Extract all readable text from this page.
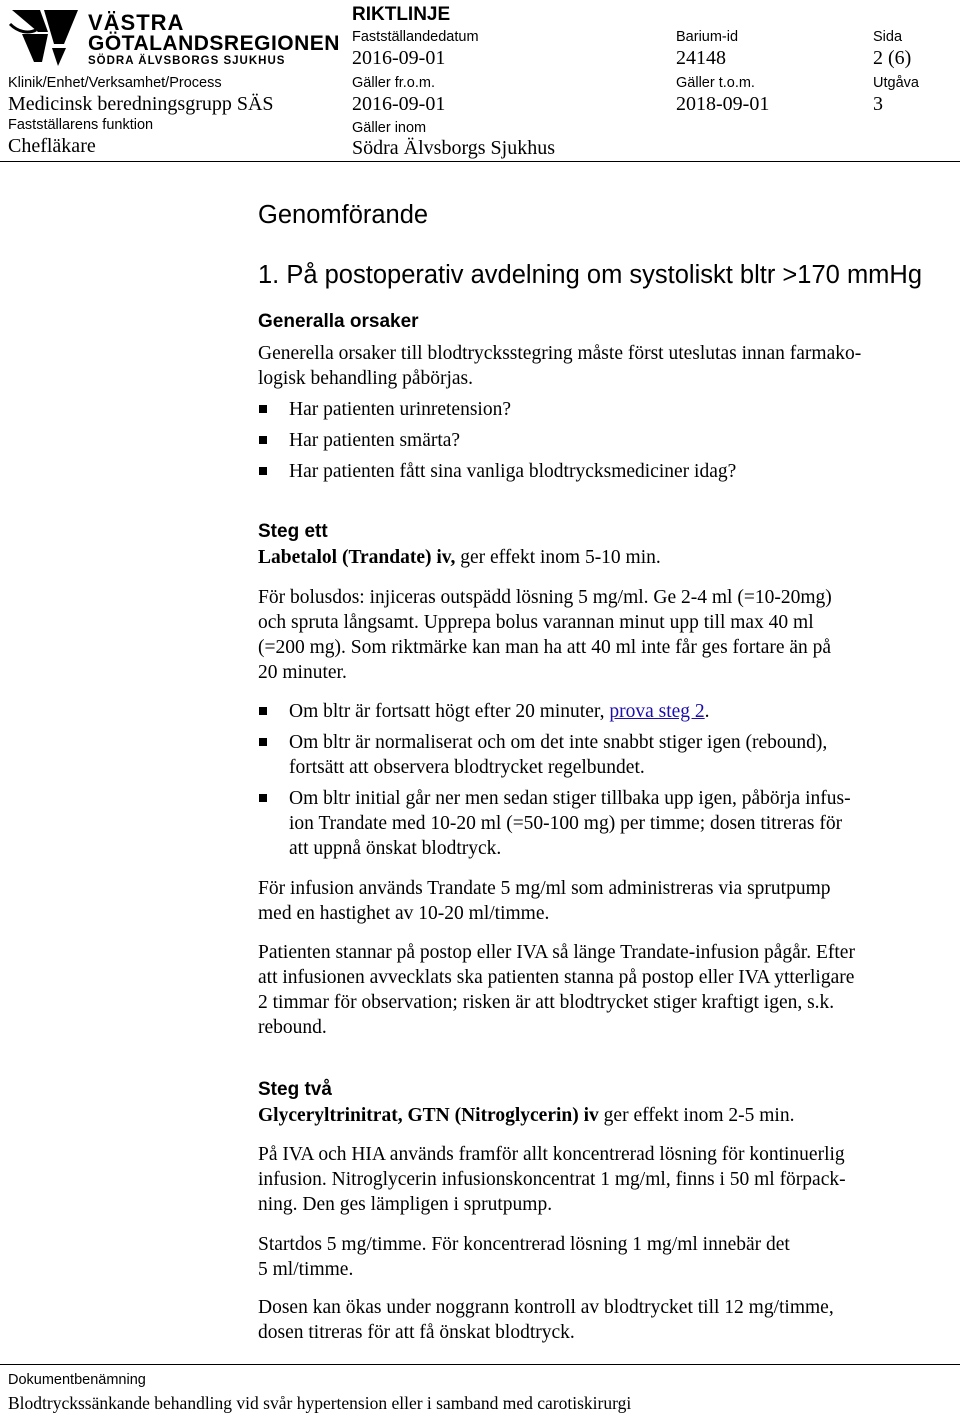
VÄSTRA
GÖTALANDSREGIONEN
SÖDRA ÄLVSBORGS SJUKHUS
RIKTLINJE
Fastställandedatum
2016-09-01
Barium-id
24148
Sida
2 (6)
Klinik/Enhet/Verksamhet/Process
Medicinsk beredningsgrupp SÄS
Gäller fr.o.m.
2016-09-01
Gäller t.o.m.
2018-09-01
Utgåva
3
Fastställarens funktion
Chefläkare
Gäller inom
Södra Älvsborgs Sjukhus
Genomförande
1. På postoperativ avdelning om systoliskt bltr >170 mmHg
Generalla orsaker
Generella orsaker till blodtrycksstegring måste först uteslutas innan farmako-
logisk behandling påbörjas.
Har patienten urinretension?
Har patienten smärta?
Har patienten fått sina vanliga blodtrycksmediciner idag?
Steg ett
Labetalol (Trandate) iv, ger effekt inom 5-10 min.
För bolusdos: injiceras outspädd lösning 5 mg/ml. Ge 2-4 ml (=10-20mg)
och spruta långsamt. Upprepa bolus varannan minut upp till max 40 ml
(=200 mg). Som riktmärke kan man ha att 40 ml inte får ges fortare än på
20 minuter.
Om bltr är fortsatt högt efter 20 minuter, prova steg 2.
Om bltr är normaliserat och om det inte snabbt stiger igen (rebound),
fortsätt att observera blodtrycket regelbundet.
Om bltr initial går ner men sedan stiger tillbaka upp igen, påbörja infus-
ion Trandate med 10-20 ml (=50-100 mg) per timme; dosen titreras för
att uppnå önskat blodtryck.
För infusion används Trandate 5 mg/ml som administreras via sprutpump
med en hastighet av 10-20 ml/timme.
Patienten stannar på postop eller IVA så länge Trandate-infusion pågår. Efter
att infusionen avvecklats ska patienten stanna på postop eller IVA ytterligare
2 timmar för observation; risken är att blodtrycket stiger kraftigt igen, s.k.
rebound.
Steg två
Glyceryltrinitrat, GTN (Nitroglycerin) iv ger effekt inom 2-5 min.
På IVA och HIA används framför allt koncentrerad lösning för kontinuerlig
infusion. Nitroglycerin infusionskoncentrat 1 mg/ml, finns i 50 ml förpack-
ning. Den ges lämpligen i sprutpump.
Startdos 5 mg/timme. För koncentrerad lösning 1 mg/ml innebär det
5 ml/timme.
Dosen kan ökas under noggrann kontroll av blodtrycket till 12 mg/timme,
dosen titreras för att få önskat blodtryck.
Dokumentbenämning
Blodtryckssänkande behandling vid svår hypertension eller i samband med carotiskirurgi
